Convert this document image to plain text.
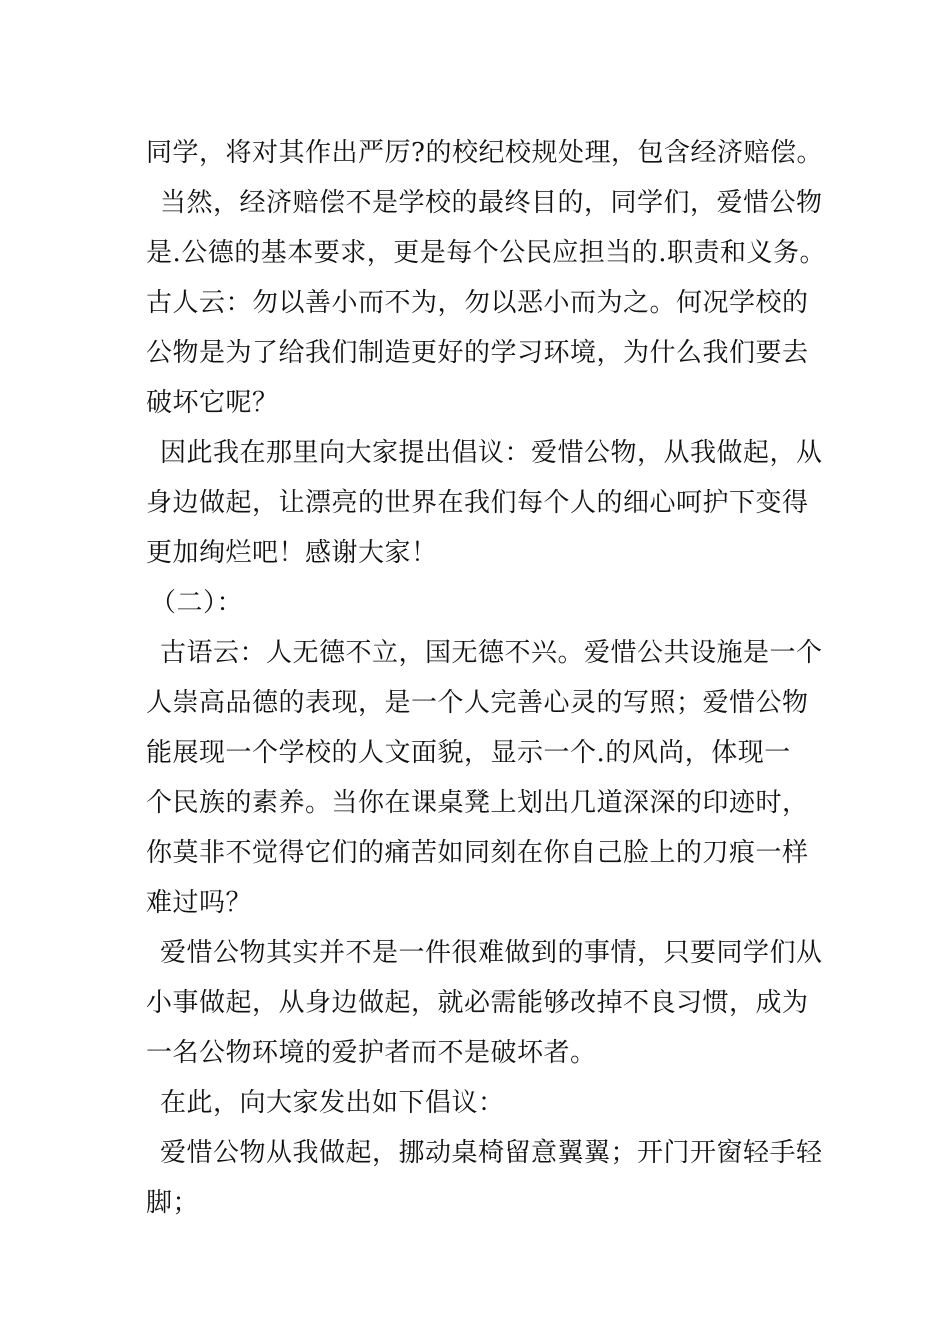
同学，将对其作出严厉?的校纪校规处理，包含经济赔偿。
当然，经济赔偿不是学校的最终目的，同学们，爱惜公物
是.公德的基本要求，更是每个公民应担当的.职责和义务。
古人云：勿以善小而不为，勿以恶小而为之。何况学校的
公物是为了给我们制造更好的学习环境，为什么我们要去
破坏它呢？
因此我在那里向大家提出倡议：爱惜公物，从我做起，从
身边做起，让漂亮的世界在我们每个人的细心呵护下变得
更加绚烂吧！感谢大家！
（二）：
古语云：人无德不立，国无德不兴。爱惜公共设施是一个
人崇高品德的表现，是一个人完善心灵的写照；爱惜公物
能展现一个学校的人文面貌，显示一个.的风尚，体现一
个民族的素养。当你在课桌凳上划出几道深深的印迹时，
你莫非不觉得它们的痛苦如同刻在你自己脸上的刀痕一样
难过吗？
爱惜公物其实并不是一件很难做到的事情，只要同学们从
小事做起，从身边做起，就必需能够改掉不良习惯，成为
一名公物环境的爱护者而不是破坏者。
在此，向大家发出如下倡议：
爱惜公物从我做起，挪动桌椅留意翼翼；开门开窗轻手轻
脚；
